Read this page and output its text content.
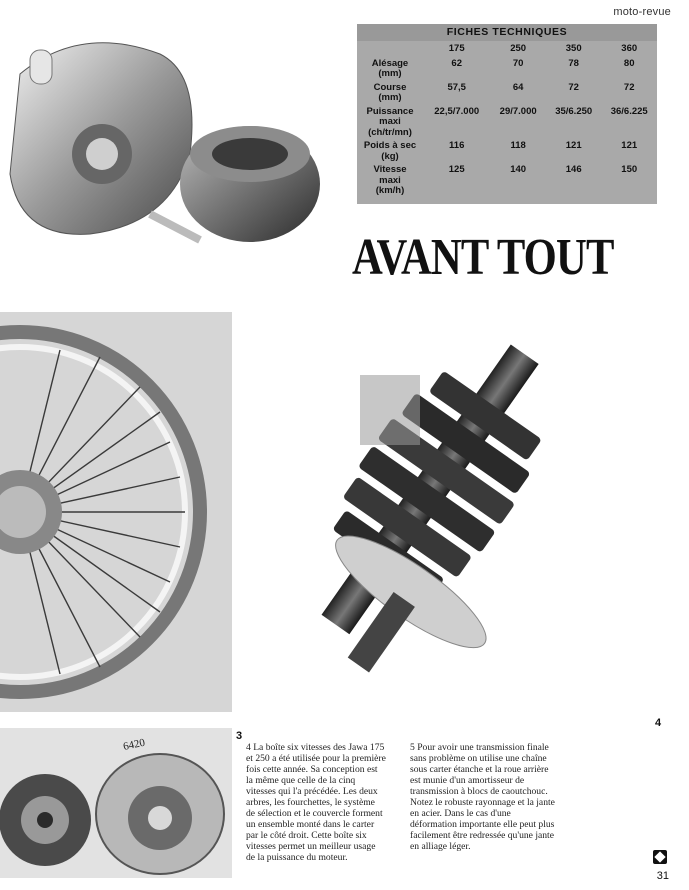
moto-revue
FICHES TECHNIQUES
	175	250	350	360

Alésage
(mm)	62	70	78	80

Course
(mm)	57,5	64	72	72

Puissance
maxi
(ch/tr/mn)	22,5/7.000	29/7.000	35/6.250	36/6.225

Poids à sec
(kg)	116	118	121	121

Vitesse
maxi
(km/h)	125	140	146	150
AVANT TOUT
6420
3
4
4 La boîte six vitesses des Jawa 175 et 250 a été utilisée pour la première fois cette année. Sa conception est la même que celle de la cinq vitesses qui l'a précédée. Les deux arbres, les fourchettes, le système de sélection et le couvercle forment un ensemble monté dans le carter par le côté droit. Cette boîte six vitesses permet un meilleur usage de la puissance du moteur.
5 Pour avoir une transmission finale sans problème on utilise une chaîne sous carter étanche et la roue arrière est munie d'un amortisseur de transmission à blocs de caoutchouc. Notez le robuste rayonnage et la jante en acier. Dans le cas d'une déformation importante elle peut plus facilement être redressée qu'une jante en alliage léger.
31
